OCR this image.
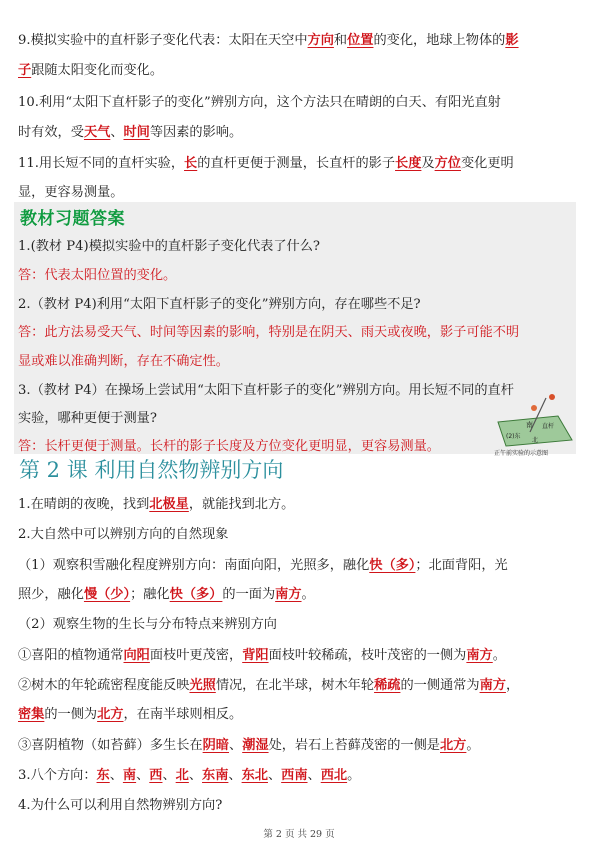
9.模拟实验中的直杆影子变化代表：太阳在天空中方向和位置的变化，地球上物体的影

子跟随太阳变化而变化。

10.利用“太阳下直杆影子的变化”辨别方向，这个方法只在晴朗的白天、有阳光直射

时有效，受天气、时间等因素的影响。

11.用长短不同的直杆实验，长的直杆更便于测量，长直杆的影子长度及方位变化更明

显，更容易测量。

教材习题答案

1.(教材 P4)模拟实验中的直杆影子变化代表了什么?

答：代表太阳位置的变化。

2.（教材 P4)利用“太阳下直杆影子的变化”辨别方向，存在哪些不足?

答：此方法易受天气、时间等因素的影响，特别是在阴天、雨天或夜晚，影子可能不明

显或难以准确判断，存在不确定性。

3.（教材 P4）在操场上尝试用“太阳下直杆影子的变化”辨别方向。用长短不同的直杆

实验，哪种更便于测量?

答：长杆更便于测量。长杆的影子长度及方位变化更明显，更容易测量。

南 直杆
(2)东
北
正午前实验的示意图
第 2 课 利用自然物辨别方向

1.在晴朗的夜晚，找到北极星，就能找到北方。

2.大自然中可以辨别方向的自然现象

（1）观察积雪融化程度辨别方向：南面向阳，光照多，融化快（多）；北面背阳，光

照少，融化慢（少）；融化快（多）的一面为南方。

（2）观察生物的生长与分布特点来辨别方向

①喜阳的植物通常向阳面枝叶更茂密，背阳面枝叶较稀疏，枝叶茂密的一侧为南方。

②树木的年轮疏密程度能反映光照情况，在北半球，树木年轮稀疏的一侧通常为南方，

密集的一侧为北方，在南半球则相反。

③喜阴植物（如苔藓）多生长在阴暗、潮湿处，岩石上苔藓茂密的一侧是北方。

3.八个方向：东、南、西、北、东南、东北、西南、西北。

4.为什么可以利用自然物辨别方向?

第 2 页 共 29 页
